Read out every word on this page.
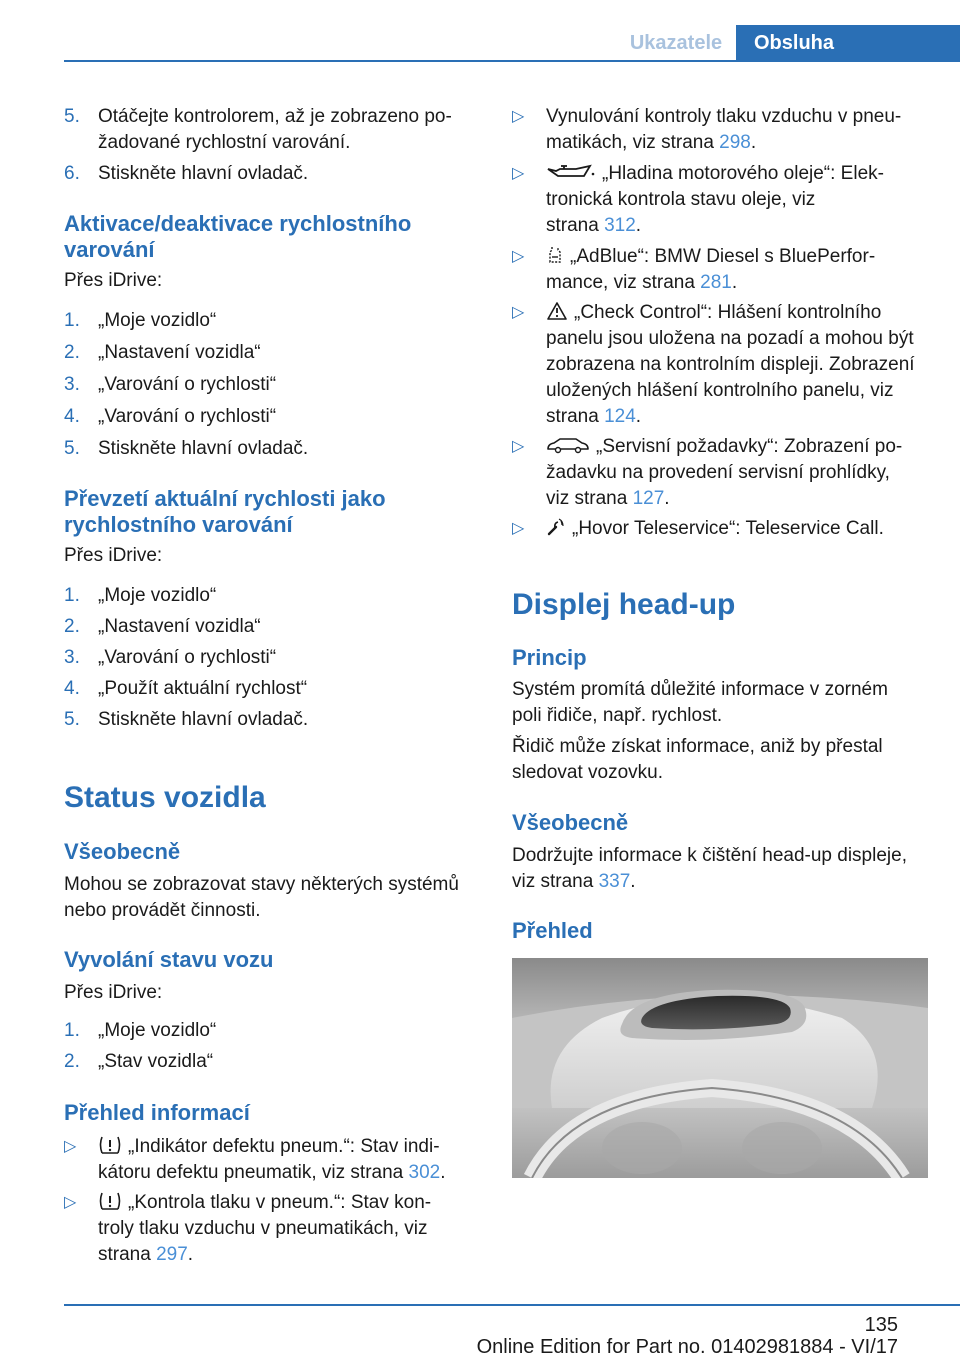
Ukazatele	Obsluha
5. Otáčejte kontrolorem, až je zobrazeno po‐
žadované rychlostní varování.
6. Stiskněte hlavní ovladač.
Aktivace/deaktivace rychlostního
varování
Přes iDrive:
1. „Moje vozidlo“
2. „Nastavení vozidla“
3. „Varování o rychlosti“
4. „Varování o rychlosti“
5. Stiskněte hlavní ovladač.
Převzetí aktuální rychlosti jako
rychlostního varování
Přes iDrive:
1. „Moje vozidlo“
2. „Nastavení vozidla“
3. „Varování o rychlosti“
4. „Použít aktuální rychlost“
5. Stiskněte hlavní ovladač.
Status vozidla
Všeobecně
Mohou se zobrazovat stavy některých systémů
nebo provádět činnosti.
Vyvolání stavu vozu
Přes iDrive:
1. „Moje vozidlo“
2. „Stav vozidla“
Přehled informací
▷	„Indikátor defektu pneum.“: Stav indi‐
kátoru defektu pneumatik, viz strana 302.
▷	„Kontrola tlaku v pneum.“: Stav kon‐
troly tlaku vzduchu v pneumatikách, viz
strana 297.
▷ Vynulování kontroly tlaku vzduchu v pneu‐
matikách, viz strana 298.
▷	„Hladina motorového oleje“: Elek‐
tronická kontrola stavu oleje, viz
strana 312.
▷	„AdBlue“: BMW Diesel s BluePerfor‐
mance, viz strana 281.
▷	„Check Control“: Hlášení kontrolního
panelu jsou uložena na pozadí a mohou být
zobrazena na kontrolním displeji. Zobrazení
uložených hlášení kontrolního panelu, viz
strana 124.
▷	„Servisní požadavky“: Zobrazení po‐
žadavku na provedení servisní prohlídky,
viz strana 127.
▷	„Hovor Teleservice“: Teleservice Call.
Displej head-up
Princip
Systém promítá důležité informace v zorném
poli řidiče, např. rychlost.
Řidič může získat informace, aniž by přestal
sledovat vozovku.
Všeobecně
Dodržujte informace k čištění head-up displeje,
viz strana 337.
Přehled
135
Online Edition for Part no. 01402981884 - VI/17
